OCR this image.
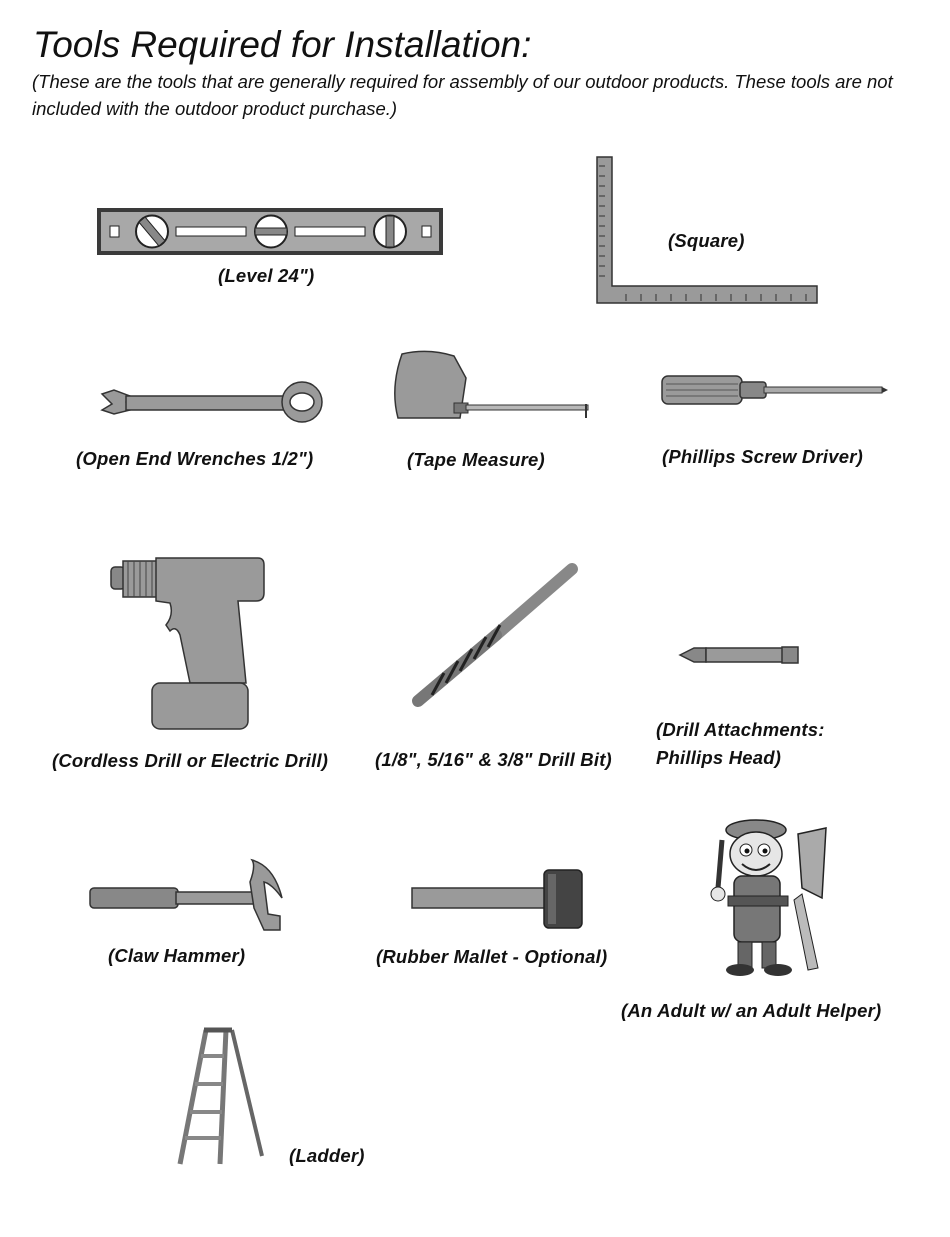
Tools Required for Installation:
(These are the tools that are generally required for assembly of our outdoor products. These tools are not included with the outdoor product purchase.)
(Level 24")
(Square)
(Open End Wrenches 1/2")	(Tape Measure)	(Phillips Screw Driver)
(Cordless Drill or Electric Drill)	(1/8", 5/16" & 3/8" Drill Bit)
(Drill Attachments:
Phillips Head)
(Claw Hammer)	(Rubber Mallet - Optional)
(An Adult w/ an Adult Helper)
(Ladder)
